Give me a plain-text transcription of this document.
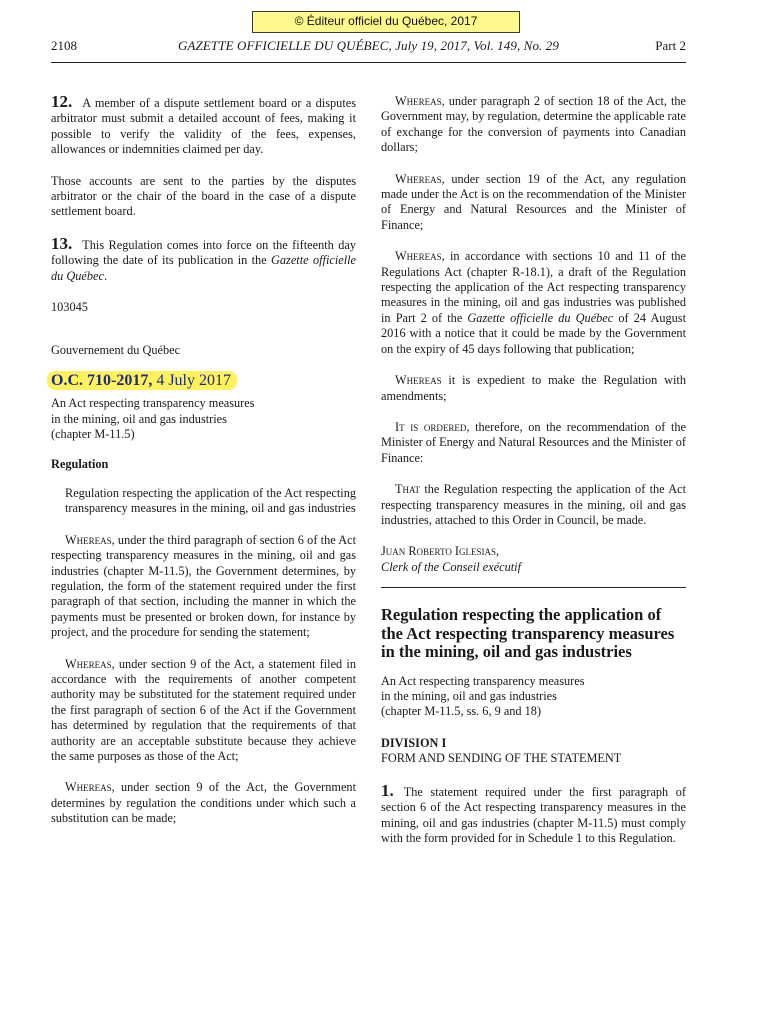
© Éditeur officiel du Québec, 2017
2108	GAZETTE OFFICIELLE DU QUÉBEC, July 19, 2017, Vol. 149, No. 29	Part 2

12. A member of a dispute settlement board or a disputes arbitrator must submit a detailed account of fees, making it possible to verify the validity of the fees, expenses, allowances or indemnities claimed per day.

Those accounts are sent to the parties by the disputes arbitrator or the chair of the board in the case of a dispute settlement board.

13. This Regulation comes into force on the fifteenth day following the date of its publication in the Gazette officielle du Québec.

103045

Gouvernement du Québec

O.C. 710-2017, 4 July 2017

An Act respecting transparency measures

in the mining, oil and gas industries

(chapter M-11.5)

Regulation

Regulation respecting the application of the Act respecting transparency measures in the mining, oil and gas industries

Whereas, under the third paragraph of section 6 of the Act respecting transparency measures in the mining, oil and gas industries (chapter M-11.5), the Government determines, by regulation, the form of the statement required under the first paragraph of that section, including the manner in which the payments must be presented or broken down, for instance by project, and the procedure for sending the statement;

Whereas, under section 9 of the Act, a statement filed in accordance with the requirements of another competent authority may be substituted for the statement required under the first paragraph of section 6 of the Act if the Government has determined by regulation that the requirements of that authority are an acceptable substitute because they achieve the same purposes as those of the Act;

Whereas, under section 9 of the Act, the Government determines by regulation the conditions under which such a substitution can be made;

Whereas, under paragraph 2 of section 18 of the Act, the Government may, by regulation, determine the applicable rate of exchange for the conversion of payments into Canadian dollars;

Whereas, under section 19 of the Act, any regulation made under the Act is on the recommendation of the Minister of Energy and Natural Resources and the Minister of Finance;

Whereas, in accordance with sections 10 and 11 of the Regulations Act (chapter R-18.1), a draft of the Regulation respecting the application of the Act respecting transparency measures in the mining, oil and gas industries was published in Part 2 of the Gazette officielle du Québec of 24 August 2016 with a notice that it could be made by the Government on the expiry of 45 days following that publication;

Whereas it is expedient to make the Regulation with amendments;

It is ordered, therefore, on the recommendation of the Minister of Energy and Natural Resources and the Minister of Finance:

That the Regulation respecting the application of the Act respecting transparency measures in the mining, oil and gas industries, attached to this Order in Council, be made.

Juan Roberto Iglesias,

Clerk of the Conseil exécutif

Regulation respecting the application of the Act respecting transparency measures in the mining, oil and gas industries

An Act respecting transparency measures

in the mining, oil and gas industries

(chapter M-11.5, ss. 6, 9 and 18)

DIVISION I

FORM AND SENDING OF THE STATEMENT

1. The statement required under the first paragraph of section 6 of the Act respecting transparency measures in the mining, oil and gas industries (chapter M-11.5) must comply with the form provided for in Schedule 1 to this Regulation.
